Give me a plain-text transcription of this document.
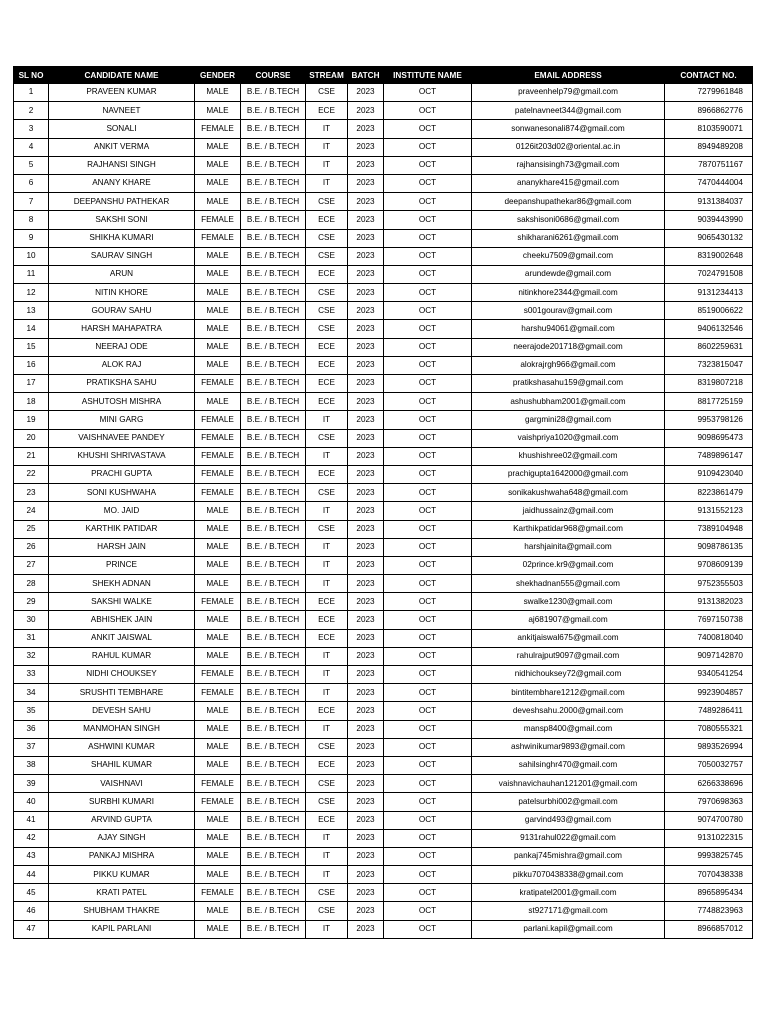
SL NO	CANDIDATE NAME	GENDER	COURSE	STREAM	BATCH	INSTITUTE NAME	EMAIL ADDRESS	CONTACT NO.
1	PRAVEEN KUMAR	MALE	B.E. / B.TECH	CSE	2023	OCT	praveenhelp79@gmail.com	7279961848
2	NAVNEET	MALE	B.E. / B.TECH	ECE	2023	OCT	patelnavneet344@gmail.com	8966862776
3	SONALI	FEMALE	B.E. / B.TECH	IT	2023	OCT	sonwanesonali874@gmail.com	8103590071
4	ANKIT VERMA	MALE	B.E. / B.TECH	IT	2023	OCT	0126it203d02@oriental.ac.in	8949489208
5	RAJHANSI SINGH	MALE	B.E. / B.TECH	IT	2023	OCT	rajhansisingh73@gmail.com	7870751167
6	ANANY KHARE	MALE	B.E. / B.TECH	IT	2023	OCT	ananykhare415@gmail.com	7470444004
7	DEEPANSHU PATHEKAR	MALE	B.E. / B.TECH	CSE	2023	OCT	deepanshupathekar86@gmail.com	9131384037
8	SAKSHI SONI	FEMALE	B.E. / B.TECH	ECE	2023	OCT	sakshisoni0686@gmail.com	9039443990
9	SHIKHA KUMARI	FEMALE	B.E. / B.TECH	CSE	2023	OCT	shikharani6261@gmail.com	9065430132
10	SAURAV SINGH	MALE	B.E. / B.TECH	CSE	2023	OCT	cheeku7509@gmail.com	8319002648
11	ARUN	MALE	B.E. / B.TECH	ECE	2023	OCT	arundewde@gmail.com	7024791508
12	NITIN KHORE	MALE	B.E. / B.TECH	CSE	2023	OCT	nitinkhore2344@gmail.com	9131234413
13	GOURAV SAHU	MALE	B.E. / B.TECH	CSE	2023	OCT	s001gourav@gmail.com	8519006622
14	HARSH MAHAPATRA	MALE	B.E. / B.TECH	CSE	2023	OCT	harshu94061@gmail.com	9406132546
15	NEERAJ ODE	MALE	B.E. / B.TECH	ECE	2023	OCT	neerajode201718@gmail.com	8602259631
16	ALOK RAJ	MALE	B.E. / B.TECH	ECE	2023	OCT	alokrajrgh966@gmail.com	7323815047
17	PRATIKSHA SAHU	FEMALE	B.E. / B.TECH	ECE	2023	OCT	pratikshasahu159@gmail.com	8319807218
18	ASHUTOSH MISHRA	MALE	B.E. / B.TECH	ECE	2023	OCT	ashushubham2001@gmail.com	8817725159
19	MINI GARG	FEMALE	B.E. / B.TECH	IT	2023	OCT	gargmini28@gmail.com	9953798126
20	VAISHNAVEE PANDEY	FEMALE	B.E. / B.TECH	CSE	2023	OCT	vaishpriya1020@gmail.com	9098695473
21	KHUSHI SHRIVASTAVA	FEMALE	B.E. / B.TECH	IT	2023	OCT	khushishree02@gmail.com	7489896147
22	PRACHI GUPTA	FEMALE	B.E. / B.TECH	ECE	2023	OCT	prachigupta1642000@gmail.com	9109423040
23	SONI KUSHWAHA	FEMALE	B.E. / B.TECH	CSE	2023	OCT	sonikakushwaha648@gmail.com	8223861479
24	MO. JAID	MALE	B.E. / B.TECH	IT	2023	OCT	jaidhussainz@gmail.com	9131552123
25	KARTHIK PATIDAR	MALE	B.E. / B.TECH	CSE	2023	OCT	Karthikpatidar968@gmail.com	7389104948
26	HARSH JAIN	MALE	B.E. / B.TECH	IT	2023	OCT	harshjainita@gmail.com	9098786135
27	PRINCE	MALE	B.E. / B.TECH	IT	2023	OCT	02prince.kr9@gmail.com	9708609139
28	SHEKH ADNAN	MALE	B.E. / B.TECH	IT	2023	OCT	shekhadnan555@gmail.com	9752355503
29	SAKSHI WALKE	FEMALE	B.E. / B.TECH	ECE	2023	OCT	swalke1230@gmail.com	9131382023
30	ABHISHEK JAIN	MALE	B.E. / B.TECH	ECE	2023	OCT	aj681907@gmail.com	7697150738
31	ANKIT JAISWAL	MALE	B.E. / B.TECH	ECE	2023	OCT	ankitjaiswal675@gmail.com	7400818040
32	RAHUL KUMAR	MALE	B.E. / B.TECH	IT	2023	OCT	rahulrajput9097@gmail.com	9097142870
33	NIDHI CHOUKSEY	FEMALE	B.E. / B.TECH	IT	2023	OCT	nidhichouksey72@gmail.com	9340541254
34	SRUSHTI TEMBHARE	FEMALE	B.E. / B.TECH	IT	2023	OCT	bintitembhare1212@gmail.com	9923904857
35	DEVESH SAHU	MALE	B.E. / B.TECH	ECE	2023	OCT	deveshsahu.2000@gmail.com	7489286411
36	MANMOHAN SINGH	MALE	B.E. / B.TECH	IT	2023	OCT	mansp8400@gmail.com	7080555321
37	ASHWINI KUMAR	MALE	B.E. / B.TECH	CSE	2023	OCT	ashwinikumar9893@gmail.com	9893526994
38	SHAHIL KUMAR	MALE	B.E. / B.TECH	ECE	2023	OCT	sahilsinghr470@gmail.com	7050032757
39	VAISHNAVI	FEMALE	B.E. / B.TECH	CSE	2023	OCT	vaishnavichauhan121201@gmail.com	6266338696
40	SURBHI KUMARI	FEMALE	B.E. / B.TECH	CSE	2023	OCT	patelsurbhi002@gmail.com	7970698363
41	ARVIND GUPTA	MALE	B.E. / B.TECH	ECE	2023	OCT	garvind493@gmail.com	9074700780
42	AJAY SINGH	MALE	B.E. / B.TECH	IT	2023	OCT	9131rahul022@gmail.com	9131022315
43	PANKAJ MISHRA	MALE	B.E. / B.TECH	IT	2023	OCT	pankaj745mishra@gmail.com	9993825745
44	PIKKU KUMAR	MALE	B.E. / B.TECH	IT	2023	OCT	pikku7070438338@gmail.com	7070438338
45	KRATI PATEL	FEMALE	B.E. / B.TECH	CSE	2023	OCT	kratipatel2001@gmail.com	8965895434
46	SHUBHAM THAKRE	MALE	B.E. / B.TECH	CSE	2023	OCT	st927171@gmail.com	7748823963
47	KAPIL PARLANI	MALE	B.E. / B.TECH	IT	2023	OCT	parlani.kapil@gmail.com	8966857012
